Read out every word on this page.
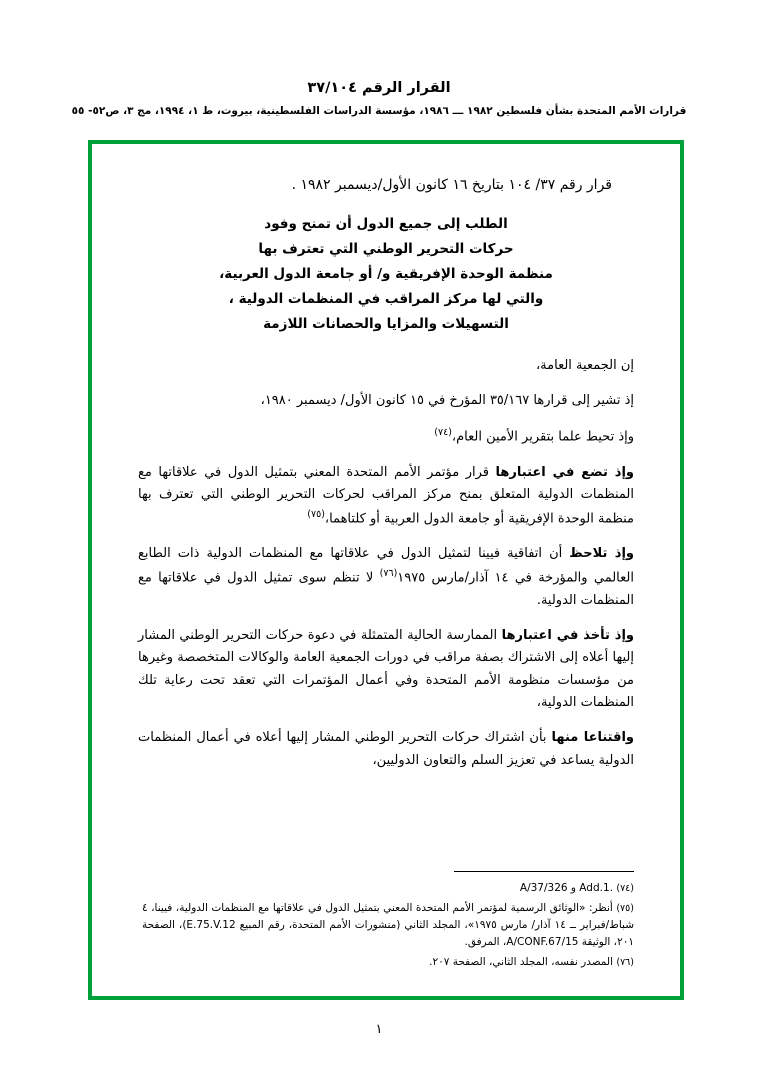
القرار الرقم ٣٧/١٠٤
قرارات الأمم المتحدة بشأن فلسطين ١٩٨٢ ـــ ١٩٨٦، مؤسسة الدراسات الفلسطينية، بيروت، ط ١، ١٩٩٤، مج ٣، ص٥٢- ٥٥
قرار رقم ٣٧/ ١٠٤ بتاريخ ١٦ كانون الأول/ديسمبر ١٩٨٢ .
الطلب إلى جميع الدول أن تمنح وفود
حركات التحرير الوطني التي تعترف بها
منظمة الوحدة الإفريقية و/ أو جامعة الدول العربية،
والتي لها مركز المراقب في المنظمات الدولية ،
التسهيلات والمزايا والحصانات اللازمة

إن الجمعية العامة،

إذ تشير إلى قرارها ٣٥/١٦٧ المؤرخ في ١٥ كانون الأول/ ديسمبر ١٩٨٠،

وإذ تحيط علما بتقرير الأمين العام،$^{(٧٤)}$

وإذ تضع في اعتبارها قرار مؤتمر الأمم المتحدة المعني بتمثيل الدول في علاقاتها مع المنظمات الدولية المتعلق بمنح مركز المراقب لحركات التحرير الوطني التي تعترف بها منظمة الوحدة الإفريقية أو جامعة الدول العربية أو كلتاهما،$^{(٧٥)}$

وإذ تلاحظ أن اتفاقية فيينا لتمثيل الدول في علاقاتها مع المنظمات الدولية ذات الطابع العالمي والمؤرخة في ١٤ آذار/مارس ١٩٧٥$^{(٧٦)}$ لا تنظم سوى تمثيل الدول في علاقاتها مع المنظمات الدولية.

وإذ تأخذ في اعتبارها الممارسة الحالية المتمثلة في دعوة حركات التحرير الوطني المشار إليها أعلاه إلى الاشتراك بصفة مراقب في دورات الجمعية العامة والوكالات المتخصصة وغيرها من مؤسسات منظومة الأمم المتحدة وفي أعمال المؤتمرات التي تعقد تحت رعاية تلك المنظمات الدولية،

واقتناعا منها بأن اشتراك حركات التحرير الوطني المشار إليها أعلاه في أعمال المنظمات الدولية يساعد في تعزيز السلم والتعاون الدوليين،

(٧٤) A/37/326 و Add.1.
(٧٥) أنظر: «الوثائق الرسمية لمؤتمر الأمم المتحدة المعني بتمثيل الدول في علاقاتها مع المنظمات الدولية، فيينا، ٤ شباط/فبراير ــ ١٤ آذار/ مارس ١٩٧٥»، المجلد الثاني (منشورات الأمم المتحدة، رقم المبيع E.75.V.12)، الصفحة ٢٠١، الوثيقة A/CONF.67/15، المرفق.
(٧٦) المصدر نفسه، المجلد الثاني، الصفحة ٢٠٧.
١
